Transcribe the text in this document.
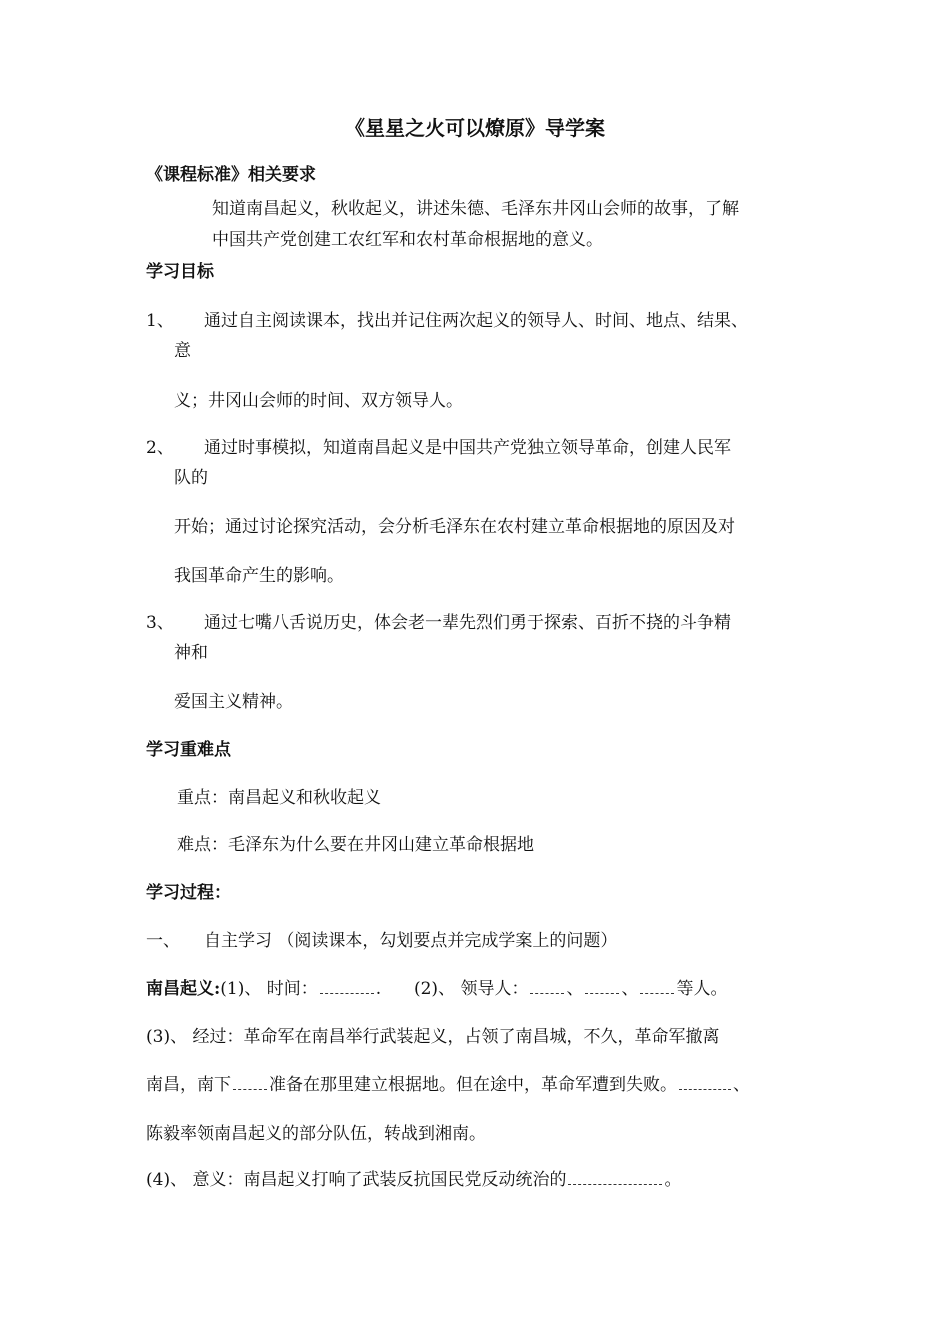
《星星之火可以燎原》导学案
《课程标准》相关要求
知道南昌起义，秋收起义，讲述朱德、毛泽东井冈山会师的故事，了解
中国共产党创建工农红军和农村革命根据地的意义。
学习目标
1、 通过自主阅读课本，找出并记住两次起义的领导人、时间、地点、结果、
意
义；井冈山会师的时间、双方领导人。
2、 通过时事模拟，知道南昌起义是中国共产党独立领导革命，创建人民军
队的
开始；通过讨论探究活动，会分析毛泽东在农村建立革命根据地的原因及对
我国革命产生的影响。
3、 通过七嘴八舌说历史，体会老一辈先烈们勇于探索、百折不挠的斗争精
神和
爱国主义精神。
学习重难点
重点：南昌起义和秋收起义
难点：毛泽东为什么要在井冈山建立革命根据地
学习过程：
一、 自主学习 （阅读课本，勾划要点并完成学案上的问题）
南昌起义:(1)、 时间：	. (2)、 领导人： 、 、 等人。
(3)、 经过：革命军在南昌举行武装起义，占领了南昌城，不久，革命军撤离
南昌，南下 准备在那里建立根据地。但在途中，革命军遭到失败。	、
陈毅率领南昌起义的部分队伍，转战到湘南。
(4)、 意义：南昌起义打响了武装反抗国民党反动统治的	。
